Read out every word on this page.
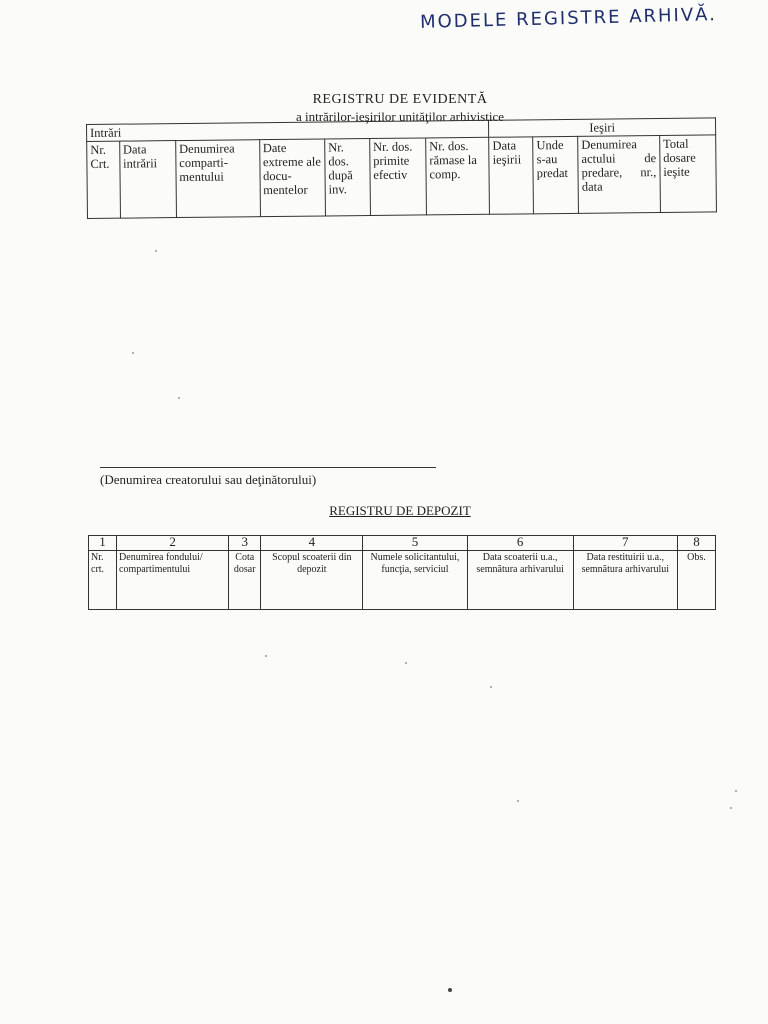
MODELE REGISTRE ARHIVĂ.
REGISTRU DE EVIDENTĂ
a intrărilor-ieşirilor unităţilor arhivistice
Intrări							Ieşiri			
Nr. Crt.	Data intrării	Denumirea comparti-mentului	Date extreme ale docu-mentelor	Nr. dos. după inv.	Nr. dos. primite efectiv	Nr. dos. rămase la comp.	Data ieşirii	Unde s-au predat	Denumirea actului de predare, nr., data	Total dosare ieşite
(Denumirea creatorului sau deţinătorului)
REGISTRU DE DEPOZIT
1	2	3	4	5	6	7	8
Nr. crt.	Denumirea fondului/ compartimentului	Cota dosar	Scopul scoaterii din depozit	Numele solicitantului, funcţia, serviciul	Data scoaterii u.a., semnătura arhivarului	Data restituirii u.a., semnătura arhivarului	Obs.
